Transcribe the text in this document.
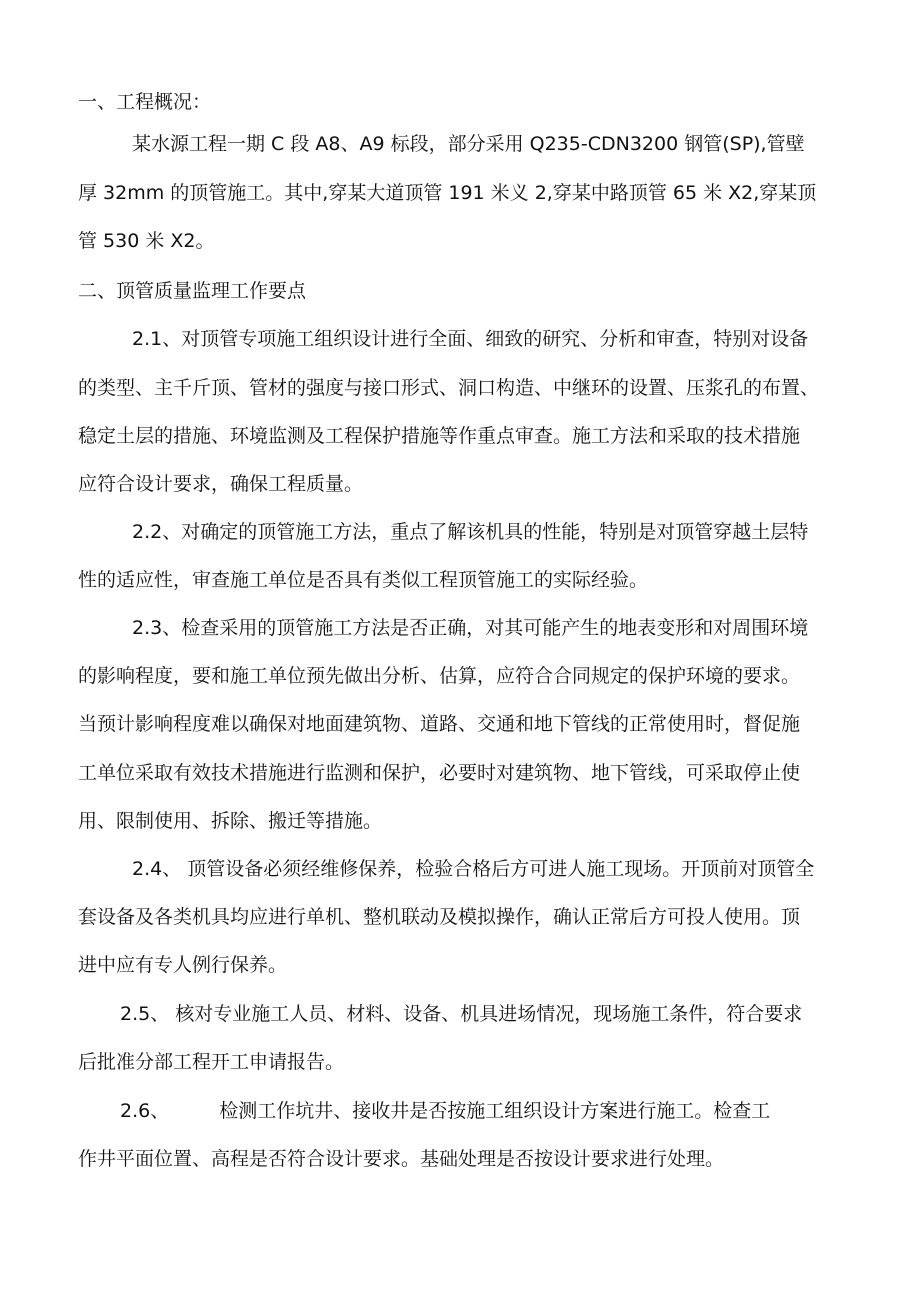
一、工程概况：
某水源工程一期 C 段 A8、A9 标段，部分采用 Q235-CDN3200 钢管(SP),管壁
厚 32mm 的顶管施工。其中,穿某大道顶管 191 米义 2,穿某中路顶管 65 米 X2,穿某顶
管 530 米 X2。
二、顶管质量监理工作要点
2.1、对顶管专项施工组织设计进行全面、细致的研究、分析和审查，特别对设备
的类型、主千斤顶、管材的强度与接口形式、洞口构造、中继环的设置、压浆孔的布置、
稳定土层的措施、环境监测及工程保护措施等作重点审查。施工方法和采取的技术措施
应符合设计要求，确保工程质量。
2.2、对确定的顶管施工方法，重点了解该机具的性能，特别是对顶管穿越土层特
性的适应性，审查施工单位是否具有类似工程顶管施工的实际经验。
2.3、检查采用的顶管施工方法是否正确，对其可能产生的地表变形和对周围环境
的影响程度，要和施工单位预先做出分析、估算，应符合合同规定的保护环境的要求。
当预计影响程度难以确保对地面建筑物、道路、交通和地下管线的正常使用时，督促施
工单位采取有效技术措施进行监测和保护，必要时对建筑物、地下管线，可采取停止使
用、限制使用、拆除、搬迁等措施。
2.4、 顶管设备必须经维修保养，检验合格后方可进人施工现场。开顶前对顶管全
套设备及各类机具均应进行单机、整机联动及模拟操作，确认正常后方可投人使用。顶
进中应有专人例行保养。
2.5、 核对专业施工人员、材料、设备、机具进场情况，现场施工条件，符合要求
后批准分部工程开工申请报告。
2.6、	检测工作坑井、接收井是否按施工组织设计方案进行施工。检查工
作井平面位置、高程是否符合设计要求。基础处理是否按设计要求进行处理。
